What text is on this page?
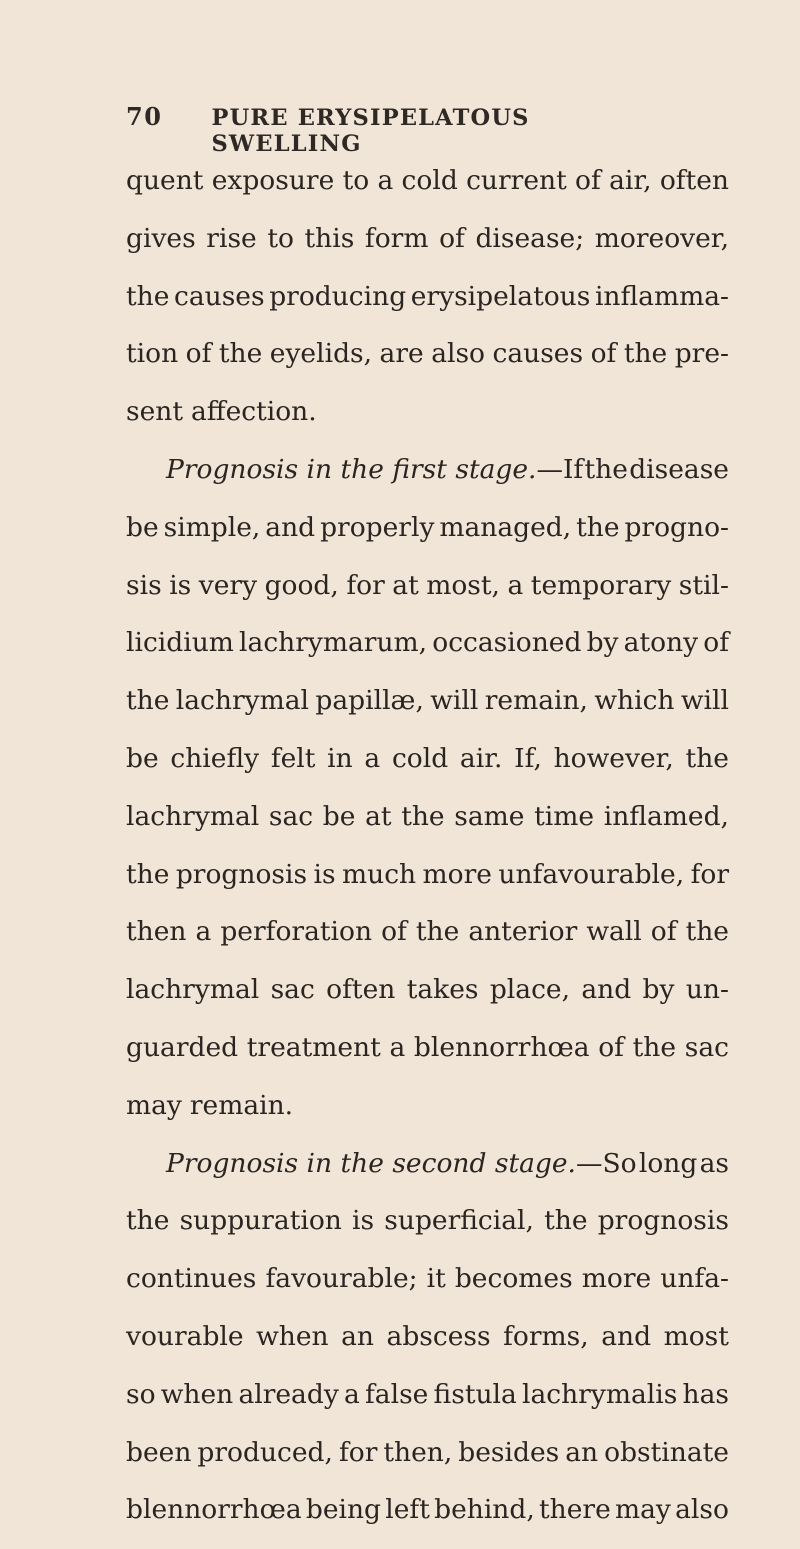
70	PURE ERYSIPELATOUS SWELLING
quent exposure to a cold current of air, often
gives rise to this form of disease; moreover,
the causes producing erysipelatous inflamma-
tion of the eyelids, are also causes of the pre-
sent affection.
Prognosis in the first stage.—If the disease
be simple, and properly managed, the progno-
sis is very good, for at most, a temporary stil-
licidium lachrymarum, occasioned by atony of
the lachrymal papillæ, will remain, which will
be chiefly felt in a cold air. If, however, the
lachrymal sac be at the same time inflamed,
the prognosis is much more unfavourable, for
then a perforation of the anterior wall of the
lachrymal sac often takes place, and by un-
guarded treatment a blennorrhœa of the sac
may remain.
Prognosis in the second stage.—So long as
the suppuration is superficial, the prognosis
continues favourable; it becomes more unfa-
vourable when an abscess forms, and most
so when already a false fistula lachrymalis has
been produced, for then, besides an obstinate
blennorrhœa being left behind, there may also
